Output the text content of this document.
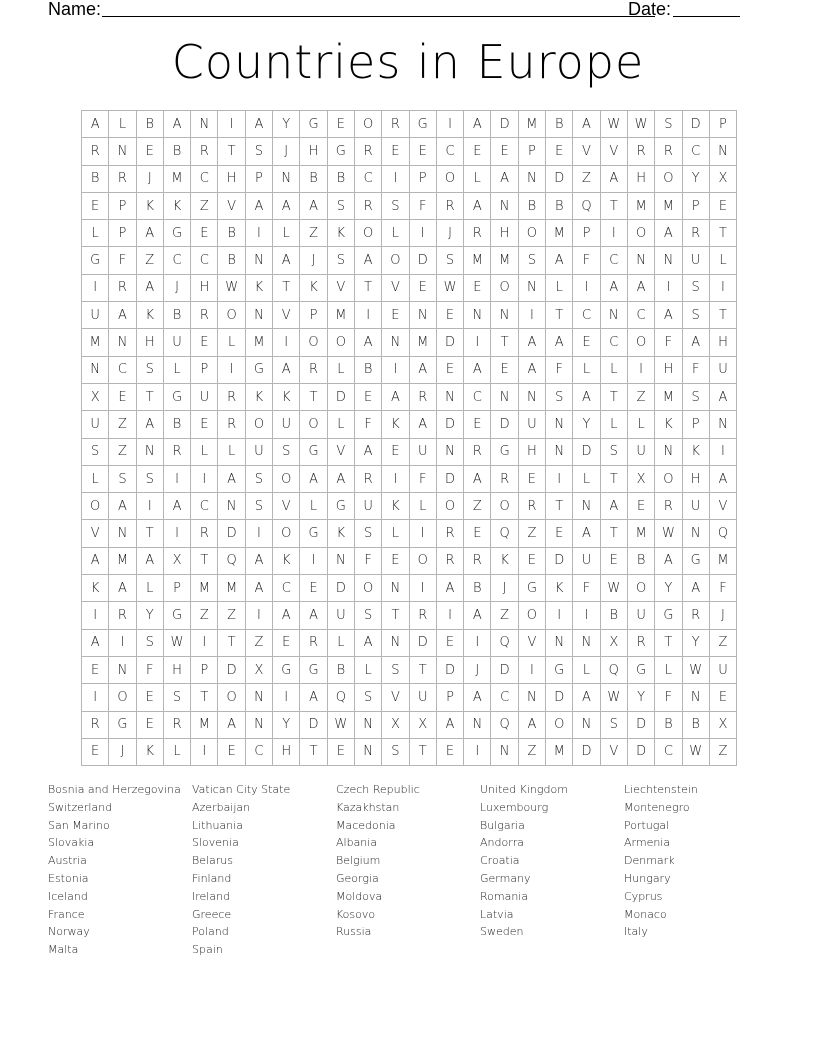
Name:	Date:
Countries in Europe
A	L	B	A	N	I	A	Y	G	E	O	R	G	I	A	D	M	B	A	W	W	S	D	P
R	N	E	B	R	T	S	J	H	G	R	E	E	C	E	E	P	E	V	V	R	R	C	N
B	R	J	M	C	H	P	N	B	B	C	I	P	O	L	A	N	D	Z	A	H	O	Y	X
E	P	K	K	Z	V	A	A	A	S	R	S	F	R	A	N	B	B	Q	T	M	M	P	E
L	P	A	G	E	B	I	L	Z	K	O	L	I	J	R	H	O	M	P	I	O	A	R	T
G	F	Z	C	C	B	N	A	J	S	A	O	D	S	M	M	S	A	F	C	N	N	U	L
I	R	A	J	H	W	K	T	K	V	T	V	E	W	E	O	N	L	I	A	A	I	S	I
U	A	K	B	R	O	N	V	P	M	I	E	N	E	N	N	I	T	C	N	C	A	S	T
M	N	H	U	E	L	M	I	O	O	A	N	M	D	I	T	A	A	E	C	O	F	A	H
N	C	S	L	P	I	G	A	R	L	B	I	A	E	A	E	A	F	L	L	I	H	F	U
X	E	T	G	U	R	K	K	T	D	E	A	R	N	C	N	N	S	A	T	Z	M	S	A
U	Z	A	B	E	R	O	U	O	L	F	K	A	D	E	D	U	N	Y	L	L	K	P	N
S	Z	N	R	L	L	U	S	G	V	A	E	U	N	R	G	H	N	D	S	U	N	K	I
L	S	S	I	I	A	S	O	A	A	R	I	F	D	A	R	E	I	L	T	X	O	H	A
O	A	I	A	C	N	S	V	L	G	U	K	L	O	Z	O	R	T	N	A	E	R	U	V
V	N	T	I	R	D	I	O	G	K	S	L	I	R	E	Q	Z	E	A	T	M	W	N	Q
A	M	A	X	T	Q	A	K	I	N	F	E	O	R	R	K	E	D	U	E	B	A	G	M
K	A	L	P	M	M	A	C	E	D	O	N	I	A	B	J	G	K	F	W	O	Y	A	F
I	R	Y	G	Z	Z	I	A	A	U	S	T	R	I	A	Z	O	I	I	B	U	G	R	J
A	I	S	W	I	T	Z	E	R	L	A	N	D	E	I	Q	V	N	N	X	R	T	Y	Z
E	N	F	H	P	D	X	G	G	B	L	S	T	D	J	D	I	G	L	Q	G	L	W	U
I	O	E	S	T	O	N	I	A	Q	S	V	U	P	A	C	N	D	A	W	Y	F	N	E
R	G	E	R	M	A	N	Y	D	W	N	X	X	A	N	Q	A	O	N	S	D	B	B	X
E	J	K	L	I	E	C	H	T	E	N	S	T	E	I	N	Z	M	D	V	D	C	W	Z
Bosnia and Herzegovina
Switzerland
San Marino
Slovakia
Austria
Estonia
Iceland
France
Norway
Malta
Vatican City State
Azerbaijan
Lithuania
Slovenia
Belarus
Finland
Ireland
Greece
Poland
Spain
Czech Republic
Kazakhstan
Macedonia
Albania
Belgium
Georgia
Moldova
Kosovo
Russia
United Kingdom
Luxembourg
Bulgaria
Andorra
Croatia
Germany
Romania
Latvia
Sweden
Liechtenstein
Montenegro
Portugal
Armenia
Denmark
Hungary
Cyprus
Monaco
Italy
